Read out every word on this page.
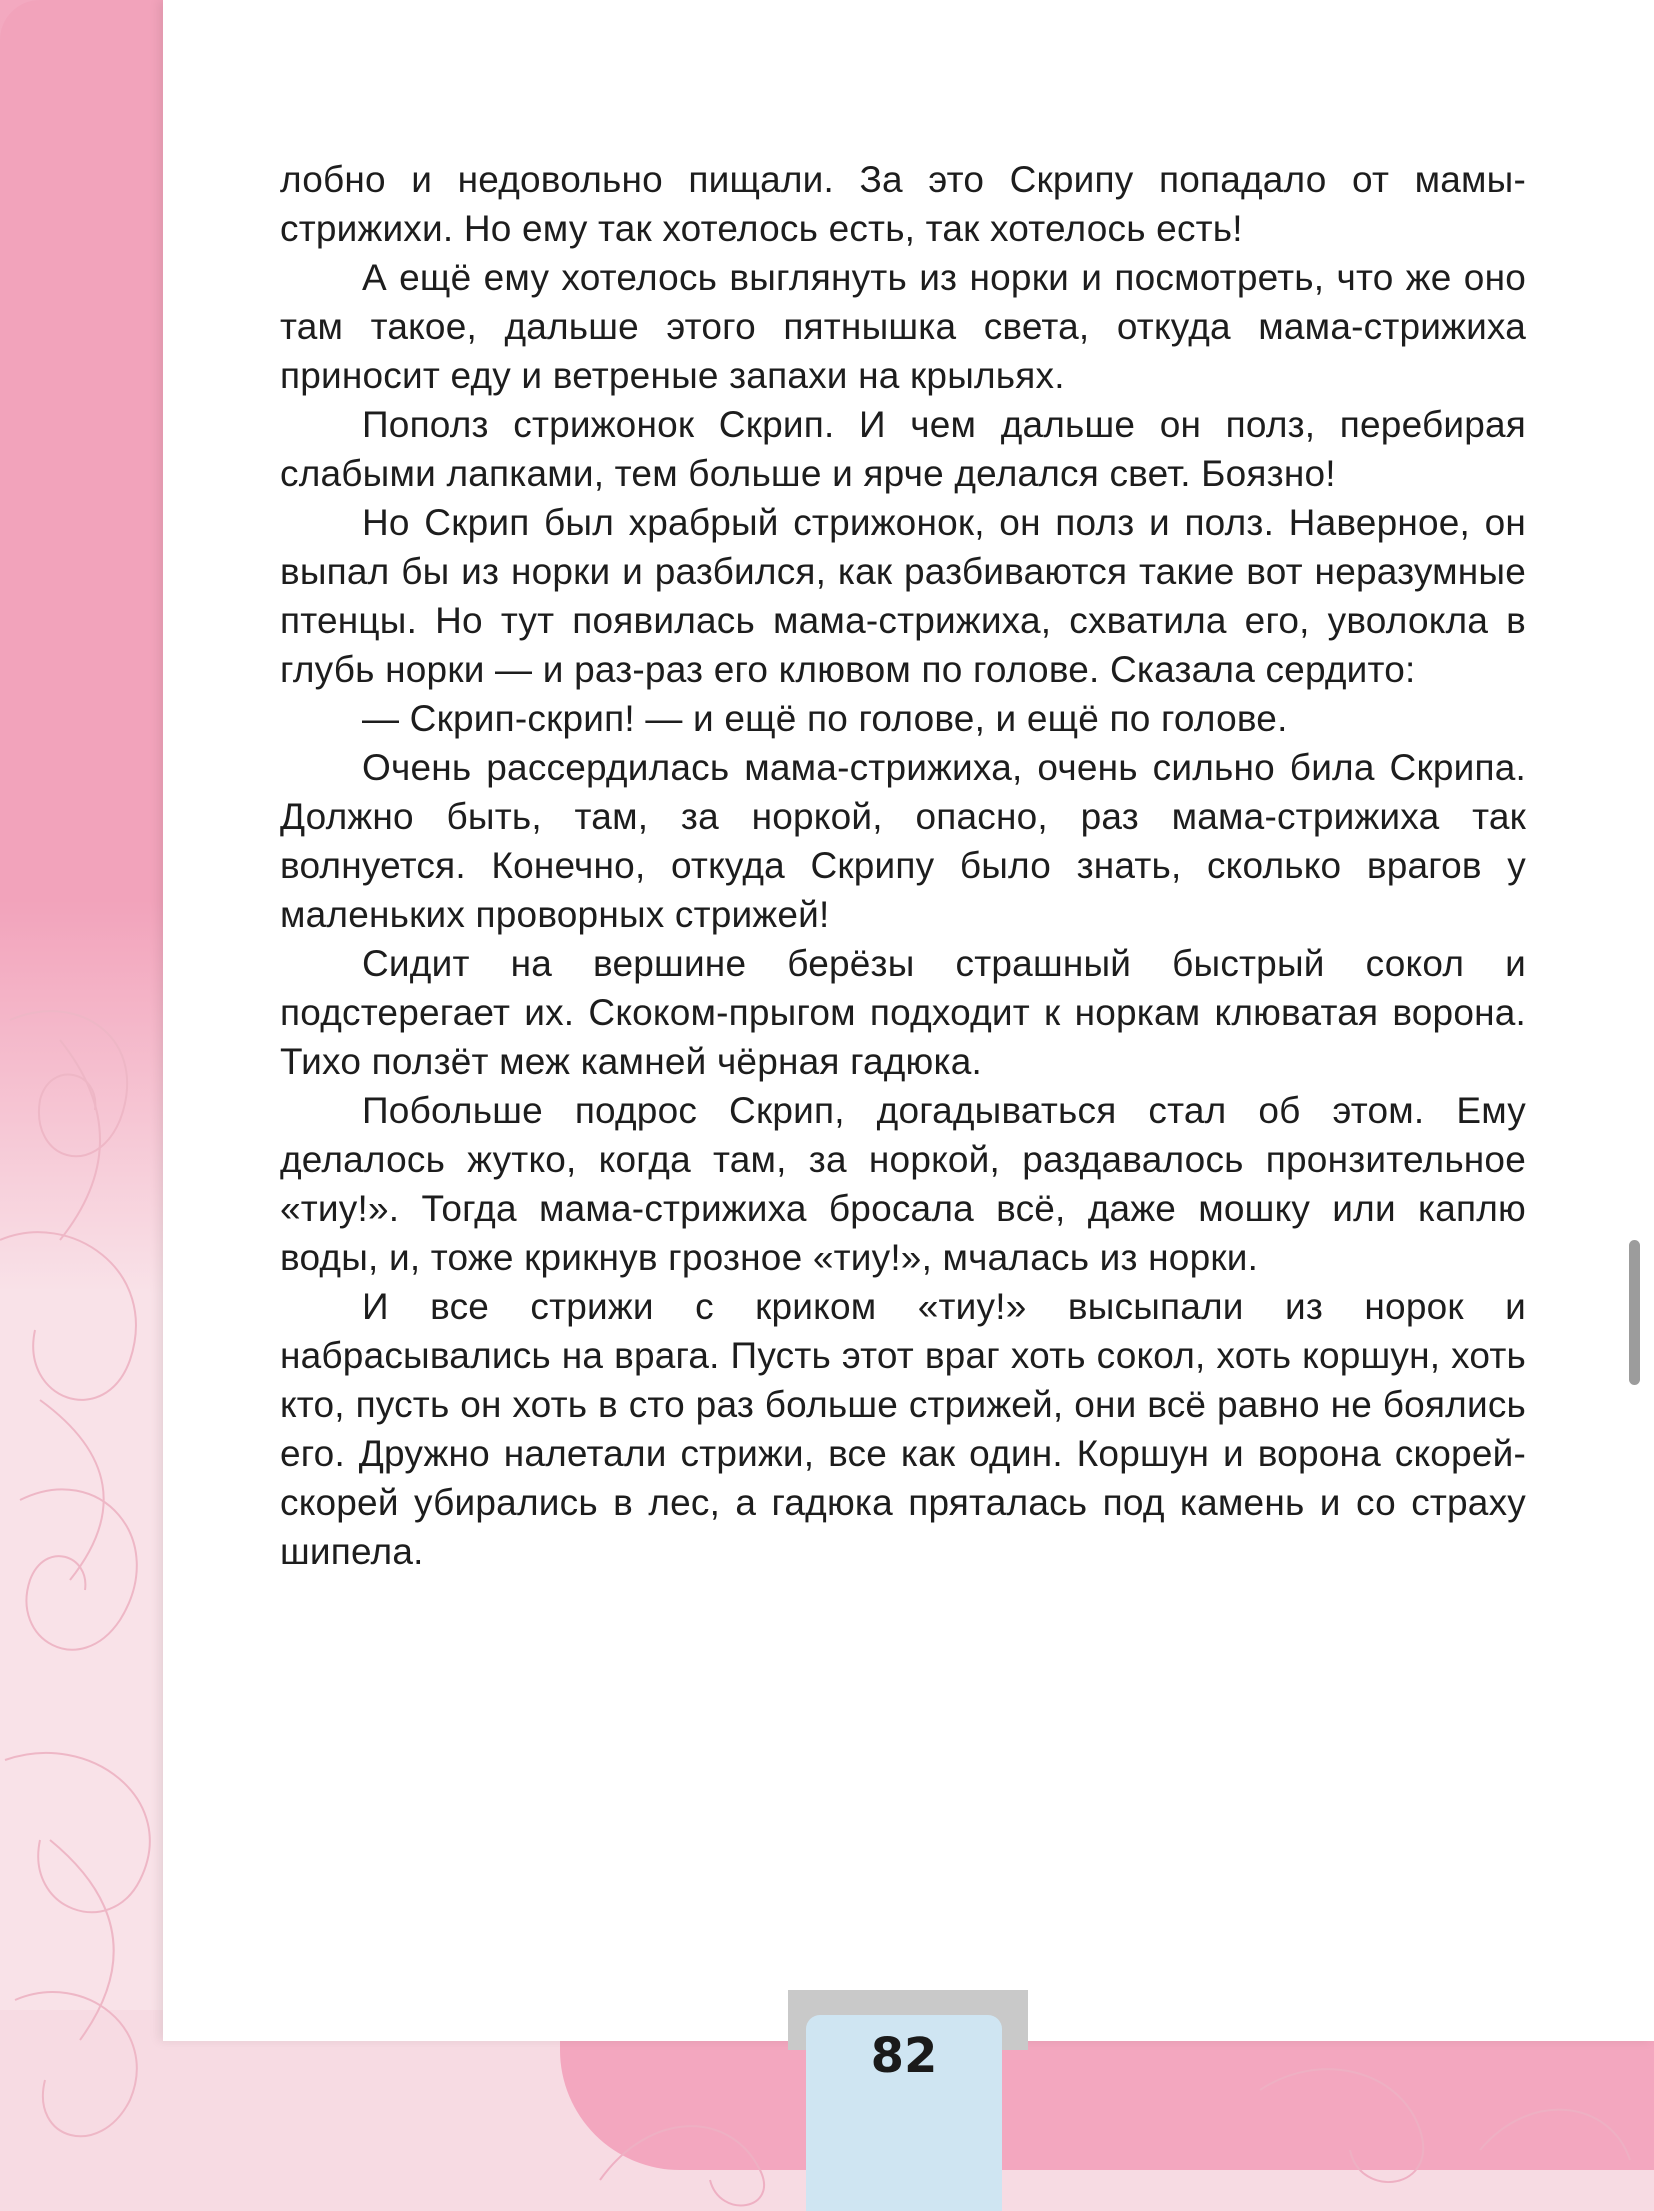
лобно и недовольно пищали. За это Скрипу попадало от мамы-стрижихи. Но ему так хотелось есть, так хотелось есть!

А ещё ему хотелось выглянуть из норки и посмотреть, что же оно там такое, дальше этого пятнышка света, откуда мама-стрижиха приносит еду и ветреные запахи на крыльях.

Пополз стрижонок Скрип. И чем дальше он полз, перебирая слабыми лапками, тем больше и ярче делался свет. Боязно!

Но Скрип был храбрый стрижонок, он полз и полз. Наверное, он выпал бы из норки и разбился, как разбиваются такие вот неразумные птенцы. Но тут появилась мама-стрижиха, схватила его, уволокла в глубь норки — и раз-раз его клювом по голове. Сказала сердито:

— Скрип-скрип! — и ещё по голове, и ещё по голове.

Очень рассердилась мама-стрижиха, очень сильно била Скрипа. Должно быть, там, за норкой, опасно, раз мама-стрижиха так волнуется. Конечно, откуда Скрипу было знать, сколько врагов у маленьких проворных стрижей!

Сидит на вершине берёзы страшный быстрый сокол и подстерегает их. Скоком-прыгом подходит к норкам клюватая ворона. Тихо ползёт меж камней чёрная гадюка.

Побольше подрос Скрип, догадываться стал об этом. Ему делалось жутко, когда там, за норкой, раздавалось пронзительное «тиу!». Тогда мама-стрижиха бросала всё, даже мошку или каплю воды, и, тоже крикнув грозное «тиу!», мчалась из норки.

И все стрижи с криком «тиу!» высыпали из норок и набрасывались на врага. Пусть этот враг хоть сокол, хоть коршун, хоть кто, пусть он хоть в сто раз больше стрижей, они всё равно не боялись его. Дружно налетали стрижи, все как один. Коршун и ворона скорей-скорей убирались в лес, а гадюка пряталась под камень и со страху шипела.

82
